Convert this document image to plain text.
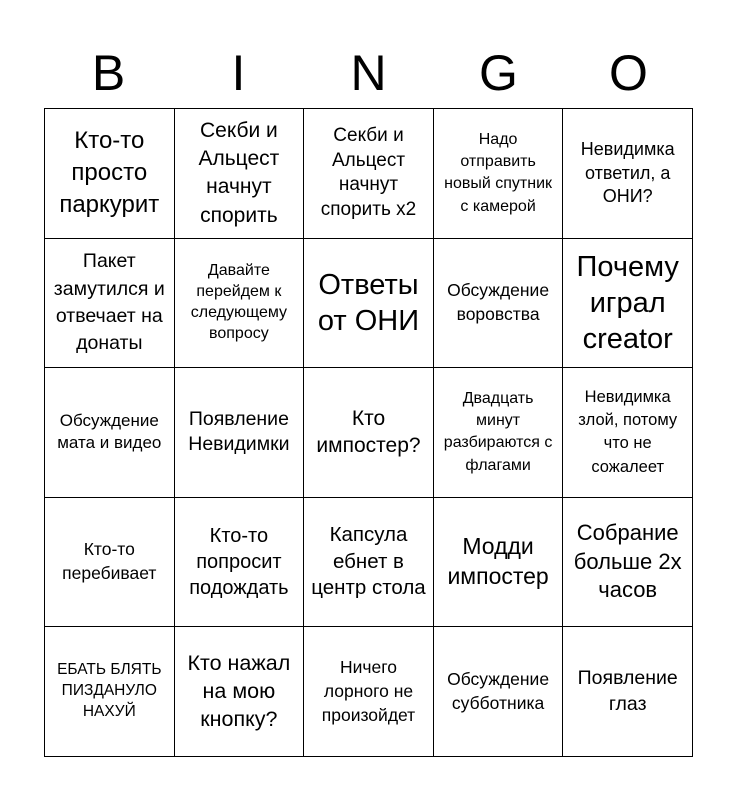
B	I	N	G	O
Кто-то просто паркурит
Секби и Альцест начнут спорить
Секби и Альцест начнут спорить x2
Надо отправить новый спутник с камерой
Невидимка ответил, а ОНИ?
Пакет замутился и отвечает на донаты
Давайте перейдем к следующему вопросу
Ответы от ОНИ
Обсуждение воровства
Почему играл creator
Обсуждение мата и видео
Появление Невидимки
Кто импостер?
Двадцать минут разбираются с флагами
Невидимка злой, потому что не сожалеет
Кто-то перебивает
Кто-то попросит подождать
Капсула ебнет в центр стола
Модди импостер
Собрание больше 2х часов
ЕБАТЬ БЛЯТЬ ПИЗДАНУЛО НАХУЙ
Кто нажал на мою кнопку?
Ничего лорного не произойдет
Обсуждение субботника
Появление глаз
